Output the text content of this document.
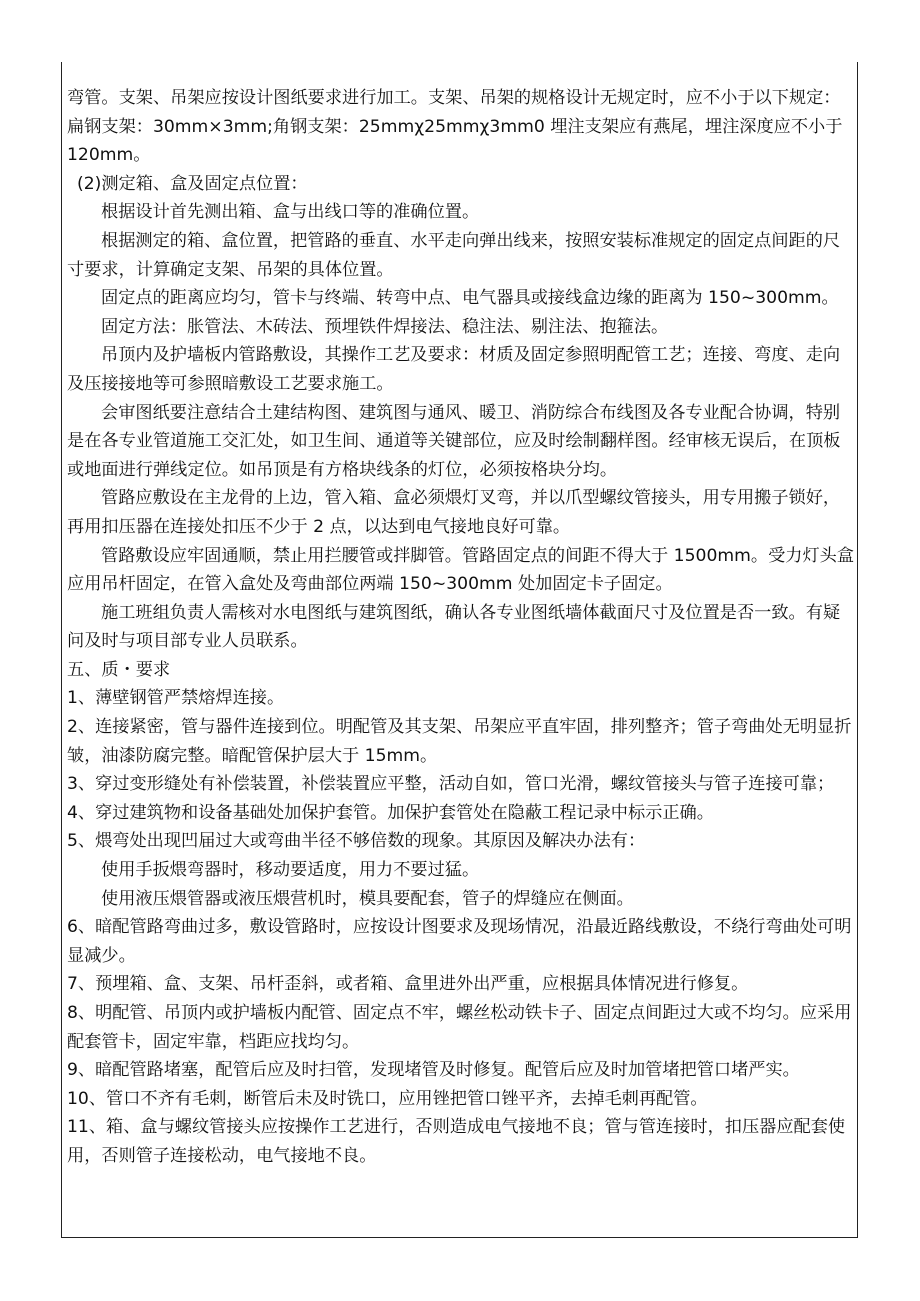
弯管。支架、吊架应按设计图纸要求进行加工。支架、吊架的规格设计无规定时，应不小于以下规定：扁钢支架：30mm×3mm;角钢支架：25mmχ25mmχ3mm0 埋注支架应有燕尾，埋注深度应不小于 120mm。

(2)测定箱、盒及固定点位置：

根据设计首先测出箱、盒与出线口等的准确位置。

根据测定的箱、盒位置，把管路的垂直、水平走向弹出线来，按照安装标准规定的固定点间距的尺寸要求，计算确定支架、吊架的具体位置。

固定点的距离应均匀，管卡与终端、转弯中点、电气器具或接线盒边缘的距离为 150~300mm。

固定方法：胀管法、木砖法、预埋铁件焊接法、稳注法、剔注法、抱箍法。

吊顶内及护墙板内管路敷设，其操作工艺及要求：材质及固定参照明配管工艺；连接、弯度、走向及压接接地等可参照暗敷设工艺要求施工。

会审图纸要注意结合土建结构图、建筑图与通风、暖卫、消防综合布线图及各专业配合协调，特别是在各专业管道施工交汇处，如卫生间、通道等关键部位，应及时绘制翻样图。经审核无误后，在顶板或地面进行弹线定位。如吊顶是有方格块线条的灯位，必须按格块分均。

管路应敷设在主龙骨的上边，管入箱、盒必须煨灯叉弯，并以爪型螺纹管接头，用专用搬子锁好，再用扣压器在连接处扣压不少于 2 点，以达到电气接地良好可靠。

管路敷设应牢固通顺，禁止用拦腰管或拌脚管。管路固定点的间距不得大于 1500mm。受力灯头盒应用吊杆固定，在管入盒处及弯曲部位两端 150~300mm 处加固定卡子固定。

施工班组负责人需核对水电图纸与建筑图纸，确认各专业图纸墙体截面尺寸及位置是否一致。有疑问及时与项目部专业人员联系。

五、质・要求

1、薄壁钢管严禁熔焊连接。

2、连接紧密，管与器件连接到位。明配管及其支架、吊架应平直牢固，排列整齐；管子弯曲处无明显折皱，油漆防腐完整。暗配管保护层大于 15mm。

3、穿过变形缝处有补偿装置，补偿装置应平整，活动自如，管口光滑，螺纹管接头与管子连接可靠；

4、穿过建筑物和设备基础处加保护套管。加保护套管处在隐蔽工程记录中标示正确。

5、煨弯处出现凹届过大或弯曲半径不够倍数的现象。其原因及解决办法有：

使用手扳煨弯器时，移动要适度，用力不要过猛。

使用液压煨管器或液压煨营机时，模具要配套，管子的焊缝应在侧面。

6、暗配管路弯曲过多，敷设管路时，应按设计图要求及现场情况，沿最近路线敷设，不绕行弯曲处可明显减少。

7、预埋箱、盒、支架、吊杆歪斜，或者箱、盒里进外出严重，应根据具体情况进行修复。

8、明配管、吊顶内或护墙板内配管、固定点不牢，螺丝松动铁卡子、固定点间距过大或不均匀。应采用配套管卡，固定牢靠，档距应找均匀。

9、暗配管路堵塞，配管后应及时扫管，发现堵管及时修复。配管后应及时加管堵把管口堵严实。

10、管口不齐有毛刺，断管后未及时铣口，应用锉把管口锉平齐，去掉毛刺再配管。

11、箱、盒与螺纹管接头应按操作工艺进行，否则造成电气接地不良；管与管连接时，扣压器应配套使用，否则管子连接松动，电气接地不良。
